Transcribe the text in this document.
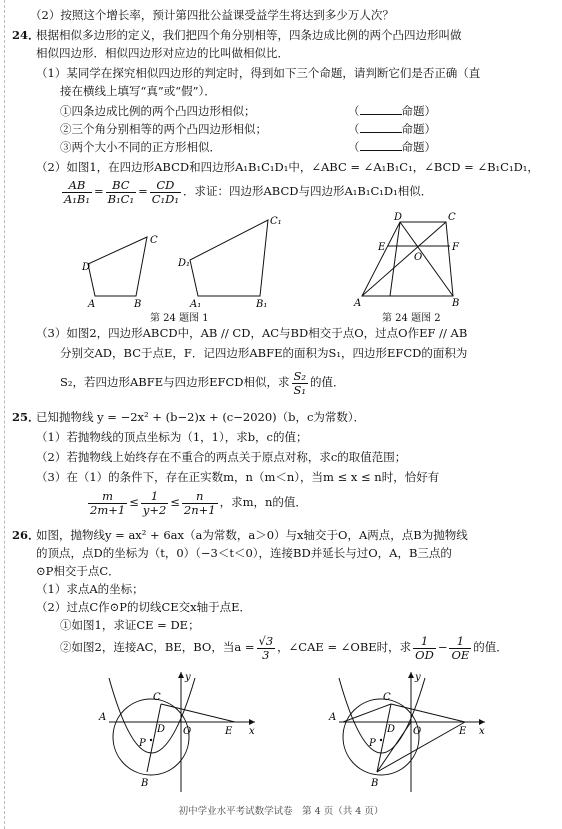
（2）按照这个增长率，预计第四批公益课受益学生将达到多少万人次？
24．
根据相似多边形的定义，我们把四个角分别相等，四条边成比例的两个凸四边形叫做
相似四边形．相似四边形对应边的比叫做相似比．
（1）某同学在探究相似四边形的判定时，得到如下三个命题，请判断它们是否正确（直
接在横线上填写“真”或“假”）．
①四条边成比例的两个凸四边形相似；	（	命题）
②三个角分别相等的两个凸四边形相似；	（	命题）
③两个大小不同的正方形相似．	（	命题）
（2）如图1，在四边形ABCD和四边形A₁B₁C₁D₁中，∠ABC = ∠A₁B₁C₁，∠BCD = ∠B₁C₁D₁，
$\frac{AB}{\text{A₁B₁}} = \frac{BC}{\text{B₁C₁}} = \frac{CD}{\text{C₁D₁}}$ ．求证：四边形ABCD与四边形A₁B₁C₁D₁相似．
D
C
A	B
D₁
C₁
A₁	B₁
第 24 题图 1
D	C
E	F
O
A	B
第 24 题图 2
（3）如图2，四边形ABCD中，AB // CD，AC与BD相交于点O，过点O作EF // AB
分别交AD，BC于点E，F．记四边形ABFE的面积为S₁，四边形EFCD的面积为
S₂，若四边形ABFE与四边形EFCD相似，求 $\frac{\text{S₂}}{\text{S₁}}$ 的值．
25．
已知抛物线 y = −2x² + (b−2)x + (c−2020)（b，c为常数）．
（1）若抛物线的顶点坐标为（1，1），求b，c的值；
（2）若抛物线上始终存在不重合的两点关于原点对称，求c的取值范围；
（3）在（1）的条件下，存在正实数m，n（m＜n），当m ≤ x ≤ n时，恰好有
$\frac{m}{2m+1} \le \frac{1}{y+2} \le \frac{n}{2n+1}$ ，求m，n的值．
26．
如图，抛物线y = ax² + 6ax（a为常数，a＞0）与x轴交于O，A两点，点B为抛物线
的顶点，点D的坐标为（t，0）（−3＜t＜0），连接BD并延长与过O，A，B三点的
⊙P相交于点C．
（1）求点A的坐标；
（2）过点C作⊙P的切线CE交x轴于点E．
①如图1，求证CE = DE；
②如图2，连接AC，BE，BO，当$a = \frac{√3}{3}$ ，∠CAE = ∠OBE时，求 $\frac{1}{OD} - \frac{1}{OE}$ 的值．
A
C
D O	E x
y
P
B
A
C
D O	E x
y
P
B
初中学业水平考试数学试卷　第 4 页（共 4 页）
